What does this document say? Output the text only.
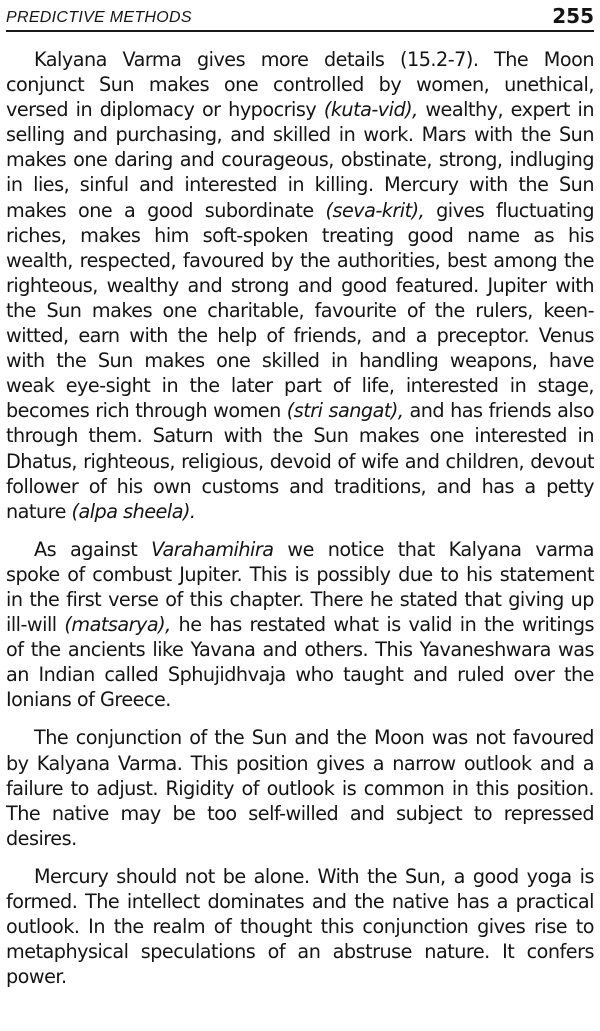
PREDICTIVE METHODS	255

Kalyana Varma gives more details (15.2-7). The Moon conjunct Sun makes one controlled by women, unethical, versed in diplomacy or hypocrisy (kuta-vid), wealthy, expert in selling and purchasing, and skilled in work. Mars with the Sun makes one daring and courageous, obstinate, strong, indluging in lies, sinful and interested in killing. Mercury with the Sun makes one a good subordinate (seva-krit), gives fluctuating riches, makes him soft-spoken treating good name as his wealth, respected, favoured by the authorities, best among the righteous, wealthy and strong and good featured. Jupiter with the Sun makes one charitable, favourite of the rulers, keen-witted, earn with the help of friends, and a preceptor. Venus with the Sun makes one skilled in handling weapons, have weak eye-sight in the later part of life, interested in stage, becomes rich through women (stri sangat), and has friends also through them. Saturn with the Sun makes one interested in Dhatus, righteous, religious, devoid of wife and children, devout follower of his own customs and traditions, and has a petty nature (alpa sheela).

As against Varahamihira we notice that Kalyana varma spoke of combust Jupiter. This is possibly due to his statement in the first verse of this chapter. There he stated that giving up ill-will (matsarya), he has restated what is valid in the writings of the ancients like Yavana and others. This Yavaneshwara was an Indian called Sphujidhvaja who taught and ruled over the Ionians of Greece.

The conjunction of the Sun and the Moon was not favoured by Kalyana Varma. This position gives a narrow outlook and a failure to adjust. Rigidity of outlook is common in this position. The native may be too self-willed and subject to repressed desires.

Mercury should not be alone. With the Sun, a good yoga is formed. The intellect dominates and the native has a practical outlook. In the realm of thought this conjunction gives rise to metaphysical speculations of an abstruse nature. It confers power.
